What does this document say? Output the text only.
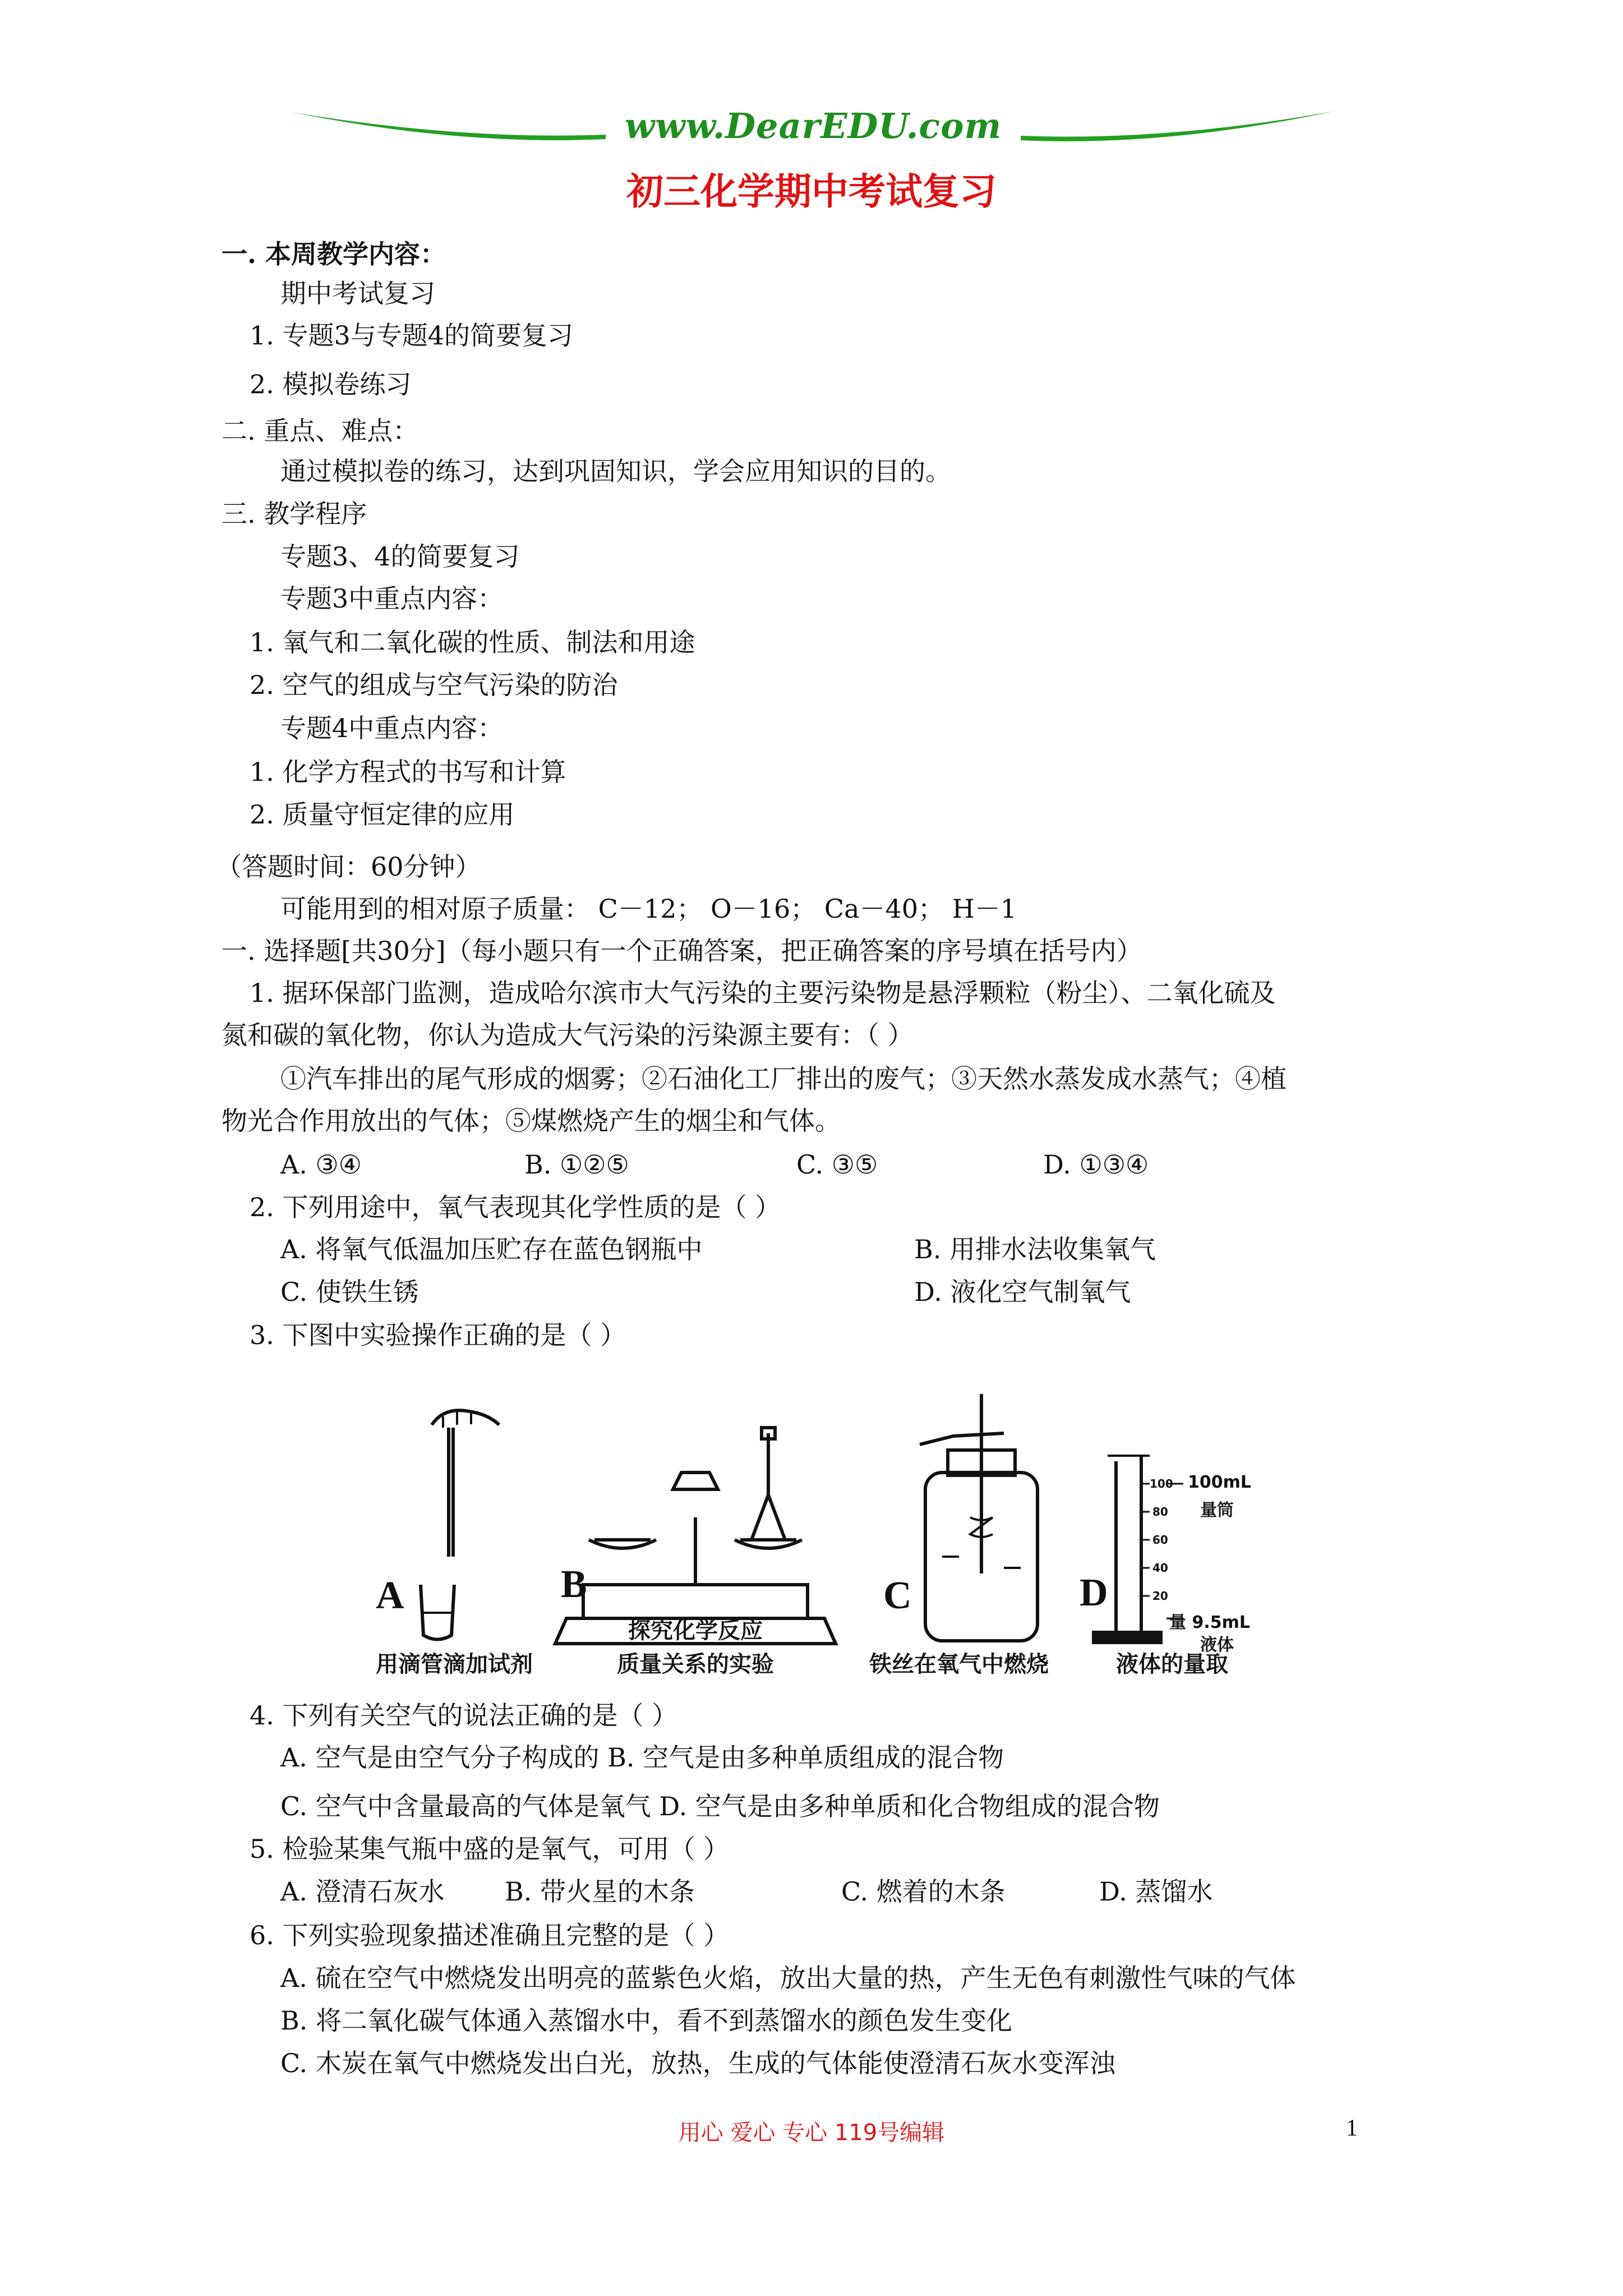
www.DearEDU.com
初三化学期中考试复习
一. 本周教学内容：
期中考试复习
1. 专题3与专题4的简要复习
2. 模拟卷练习
二. 重点、难点：
通过模拟卷的练习，达到巩固知识，学会应用知识的目的。
三. 教学程序
专题3、4的简要复习
专题3中重点内容：
1. 氧气和二氧化碳的性质、制法和用途
2. 空气的组成与空气污染的防治
专题4中重点内容：
1. 化学方程式的书写和计算
2. 质量守恒定律的应用
（答题时间：60分钟）
可能用到的相对原子质量： C－12； O－16； Ca－40； H－1
一. 选择题[共30分]（每小题只有一个正确答案，把正确答案的序号填在括号内）
1. 据环保部门监测，造成哈尔滨市大气污染的主要污染物是悬浮颗粒（粉尘）、二氧化硫及
氮和碳的氧化物，你认为造成大气污染的污染源主要有：（ ）
①汽车排出的尾气形成的烟雾；②石油化工厂排出的废气；③天然水蒸发成水蒸气；④植
物光合作用放出的气体；⑤煤燃烧产生的烟尘和气体。
A. ③④	B. ①②⑤	C. ③⑤	D. ①③④
2. 下列用途中，氧气表现其化学性质的是（ ）
A. 将氧气低温加压贮存在蓝色钢瓶中	B. 用排水法收集氧气
C. 使铁生锈	D. 液化空气制氧气
3. 下图中实验操作正确的是（ ）
A	B	C	D
100
80
60
40
20
100mL
量筒
量 9.5mL
液体
用滴管滴加试剂
探究化学反应
质量关系的实验	铁丝在氧气中燃烧	液体的量取
4. 下列有关空气的说法正确的是（ ）
A. 空气是由空气分子构成的 B. 空气是由多种单质组成的混合物
C. 空气中含量最高的气体是氧气 D. 空气是由多种单质和化合物组成的混合物
5. 检验某集气瓶中盛的是氧气，可用（ ）
A. 澄清石灰水 B. 带火星的木条	C. 燃着的木条	D. 蒸馏水
6. 下列实验现象描述准确且完整的是（ ）
A. 硫在空气中燃烧发出明亮的蓝紫色火焰，放出大量的热，产生无色有刺激性气味的气体
B. 将二氧化碳气体通入蒸馏水中，看不到蒸馏水的颜色发生变化
C. 木炭在氧气中燃烧发出白光，放热，生成的气体能使澄清石灰水变浑浊
用心 爱心 专心 119号编辑	1
